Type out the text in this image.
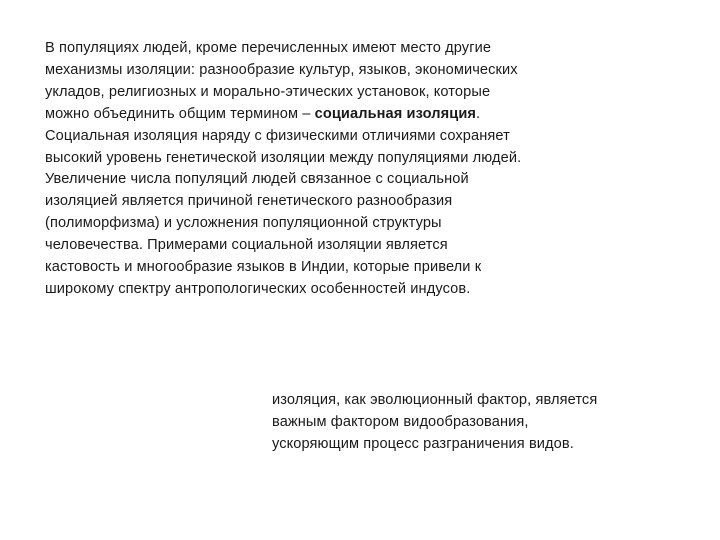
В популяциях людей, кроме перечисленных имеют место другие механизмы изоляции: разнообразие культур, языков, экономических укладов, религиозных и морально-этических установок, которые можно объединить общим термином – социальная изоляция.

Социальная изоляция наряду с физическими отличиями сохраняет высокий уровень генетической изоляции между популяциями людей. Увеличение числа популяций людей связанное с социальной изоляцией является причиной генетического разнообразия (полиморфизма) и усложнения популяционной структуры человечества. Примерами социальной изоляции является кастовость и многообразие языков в Индии, которые привели к широкому спектру антропологических особенностей индусов.

изоляция, как эволюционный фактор, является важным фактором видообразования, ускоряющим процесс разграничения видов.
